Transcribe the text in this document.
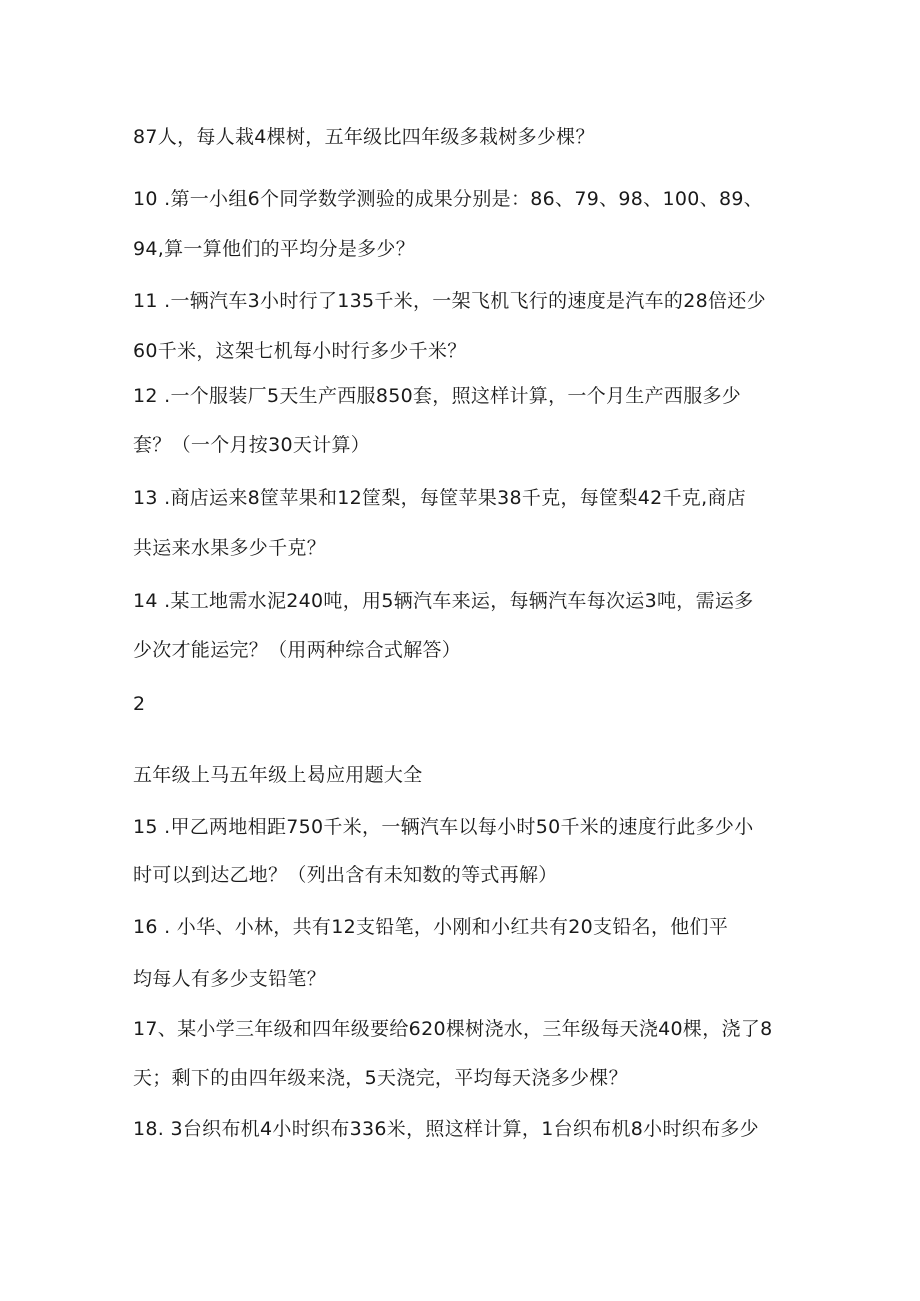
87人，每人栽4棵树，五年级比四年级多栽树多少棵？
10 .第一小组6个同学数学测验的成果分别是：86、79、98、100、89、
94,算一算他们的平均分是多少？
11 .一辆汽车3小时行了135千米，一架飞机飞行的速度是汽车的28倍还少
60千米，这架七机每小时行多少千米？
12 .一个服装厂5天生产西服850套，照这样计算，一个月生产西服多少
套？（一个月按30天计算）
13 .商店运来8筐苹果和12筐梨，每筐苹果38千克，每筐梨42千克,商店
共运来水果多少千克？
14 .某工地需水泥240吨，用5辆汽车来运，每辆汽车每次运3吨，需运多
少次才能运完？（用两种综合式解答）
2
五年级上马五年级上曷应用题大全
15 .甲乙两地相距750千米，一辆汽车以每小时50千米的速度行此多少小
时可以到达乙地？（列出含有未知数的等式再解）
16 . 小华、小林，共有12支铅笔，小刚和小红共有20支铅名，他们平
均每人有多少支铅笔？
17、某小学三年级和四年级要给620棵树浇水，三年级每天浇40棵，浇了8
天；剩下的由四年级来浇，5天浇完，平均每天浇多少棵？
18. 3台织布机4小时织布336米，照这样计算，1台织布机8小时织布多少
